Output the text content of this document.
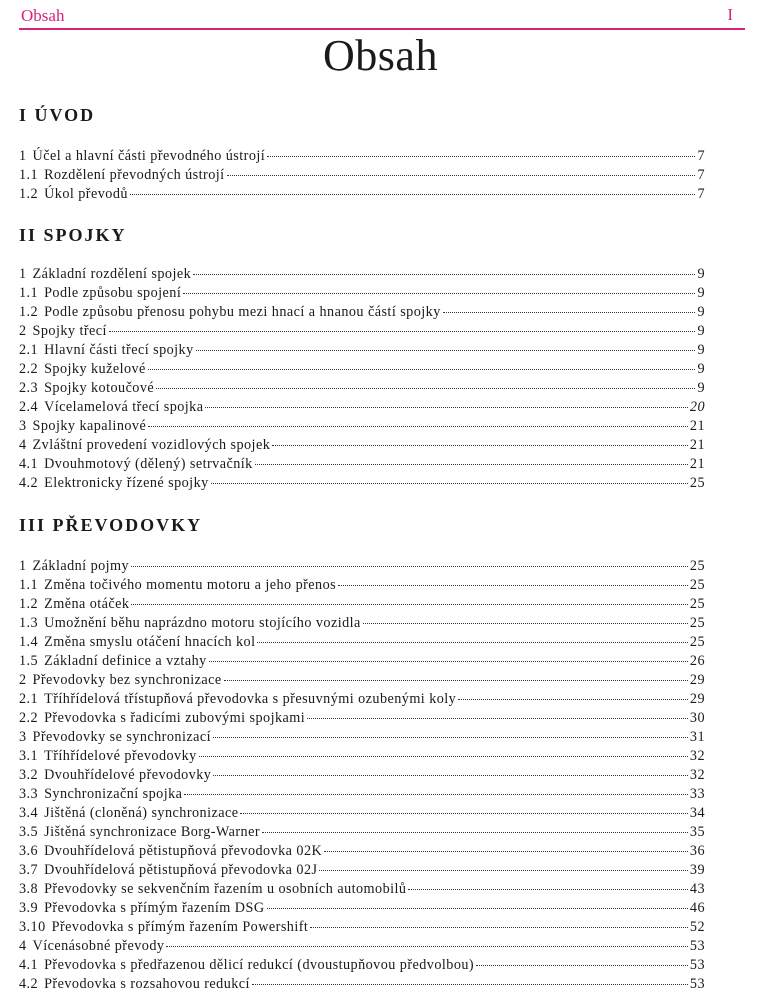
Obsah	I
Obsah
I ÚVOD
1 Účel a hlavní části převodného ústrojí	7
1.1 Rozdělení převodných ústrojí	7
1.2 Úkol převodů	7
II SPOJKY
1 Základní rozdělení spojek	9
1.1 Podle způsobu spojení	9
1.2 Podle způsobu přenosu pohybu mezi hnací a hnanou částí spojky	9
2 Spojky třecí	9
2.1 Hlavní části třecí spojky	9
2.2 Spojky kuželové	9
2.3 Spojky kotoučové	9
2.4 Vícelamelová třecí spojka	20
3 Spojky kapalinové	21
4 Zvláštní provedení vozidlových spojek	21
4.1 Dvouhmotový (dělený) setrvačník	21
4.2 Elektronicky řízené spojky	25
III PŘEVODOVKY
1 Základní pojmy	25
1.1 Změna točivého momentu motoru a jeho přenos	25
1.2 Změna otáček	25
1.3 Umožnění běhu naprázdno motoru stojícího vozidla	25
1.4 Změna smyslu otáčení hnacích kol	25
1.5 Základní definice a vztahy	26
2 Převodovky bez synchronizace	29
2.1 Tříhřídelová třístupňová převodovka s přesuvnými ozubenými koly	29
2.2 Převodovka s řadicími zubovými spojkami	30
3 Převodovky se synchronizací	31
3.1 Tříhřídelové převodovky	32
3.2 Dvouhřídelové převodovky	32
3.3 Synchronizační spojka	33
3.4 Jištěná (cloněná) synchronizace	34
3.5 Jištěná synchronizace Borg-Warner	35
3.6 Dvouhřídelová pětistupňová převodovka 02K	36
3.7 Dvouhřídelová pětistupňová převodovka 02J	39
3.8 Převodovky se sekvenčním řazením u osobních automobilů	43
3.9 Převodovka s přímým řazením DSG	46
3.10 Převodovka s přímým řazením Powershift	52
4 Vícenásobné převody	53
4.1 Převodovka s předřazenou dělicí redukcí (dvoustupňovou předvolbou)	53
4.2 Převodovka s rozsahovou redukcí	53
